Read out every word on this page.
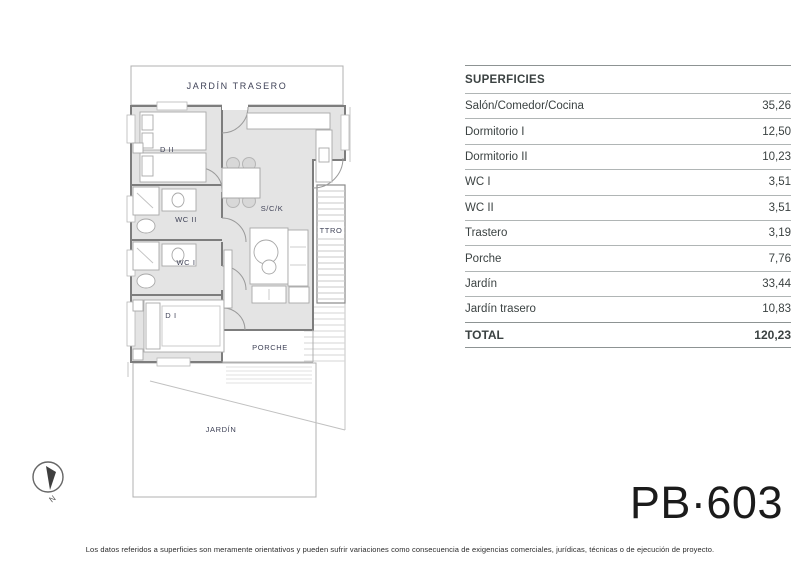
JARDÍN TRASERO
JARDÍN
TTRO
PORCHE
D II
WC II
WC I
D I
S/C/K
N
SUPERFICIES
Salón/Comedor/Cocina	35,26
Dormitorio I	12,50
Dormitorio II	10,23
WC I	3,51
WC II	3,51
Trastero	3,19
Porche	7,76
Jardín	33,44
Jardín trasero	10,83
TOTAL	120,23
PB·603
Los datos referidos a superficies son meramente orientativos y pueden sufrir variaciones como consecuencia de exigencias comerciales, jurídicas, técnicas o de ejecución de proyecto.
